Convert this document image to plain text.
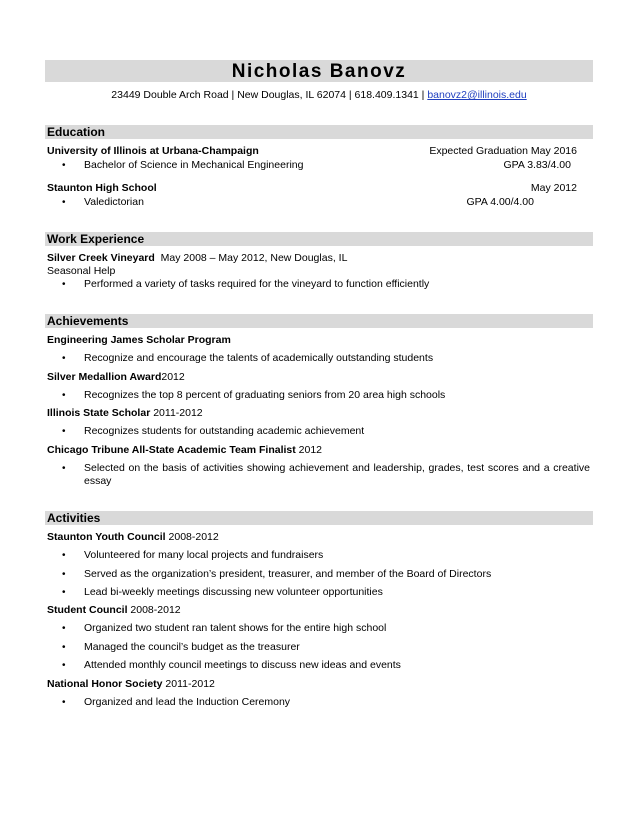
Nicholas Banovz
23449 Double Arch Road | New Douglas, IL 62074 | 618.409.1341 | banovz2@illinois.edu
Education
University of Illinois at Urbana-Champaign	Expected Graduation May 2016
• Bachelor of Science in Mechanical Engineering	GPA 3.83/4.00
Staunton High School	May 2012
• Valedictorian	GPA 4.00/4.00
Work Experience
Silver Creek Vineyard May 2008 – May 2012, New Douglas, IL
Seasonal Help
• Performed a variety of tasks required for the vineyard to function efficiently
Achievements
Engineering James Scholar Program
• Recognize and encourage the talents of academically outstanding students
Silver Medallion Award2012
• Recognizes the top 8 percent of graduating seniors from 20 area high schools
Illinois State Scholar 2011-2012
• Recognizes students for outstanding academic achievement
Chicago Tribune All-State Academic Team Finalist 2012
• Selected on the basis of activities showing achievement and leadership, grades, test scores and a creative essay
Activities
Staunton Youth Council 2008-2012
• Volunteered for many local projects and fundraisers
• Served as the organization’s president, treasurer, and member of the Board of Directors
• Lead bi-weekly meetings discussing new volunteer opportunities
Student Council 2008-2012
• Organized two student ran talent shows for the entire high school
• Managed the council’s budget as the treasurer
• Attended monthly council meetings to discuss new ideas and events
National Honor Society 2011-2012
• Organized and lead the Induction Ceremony
